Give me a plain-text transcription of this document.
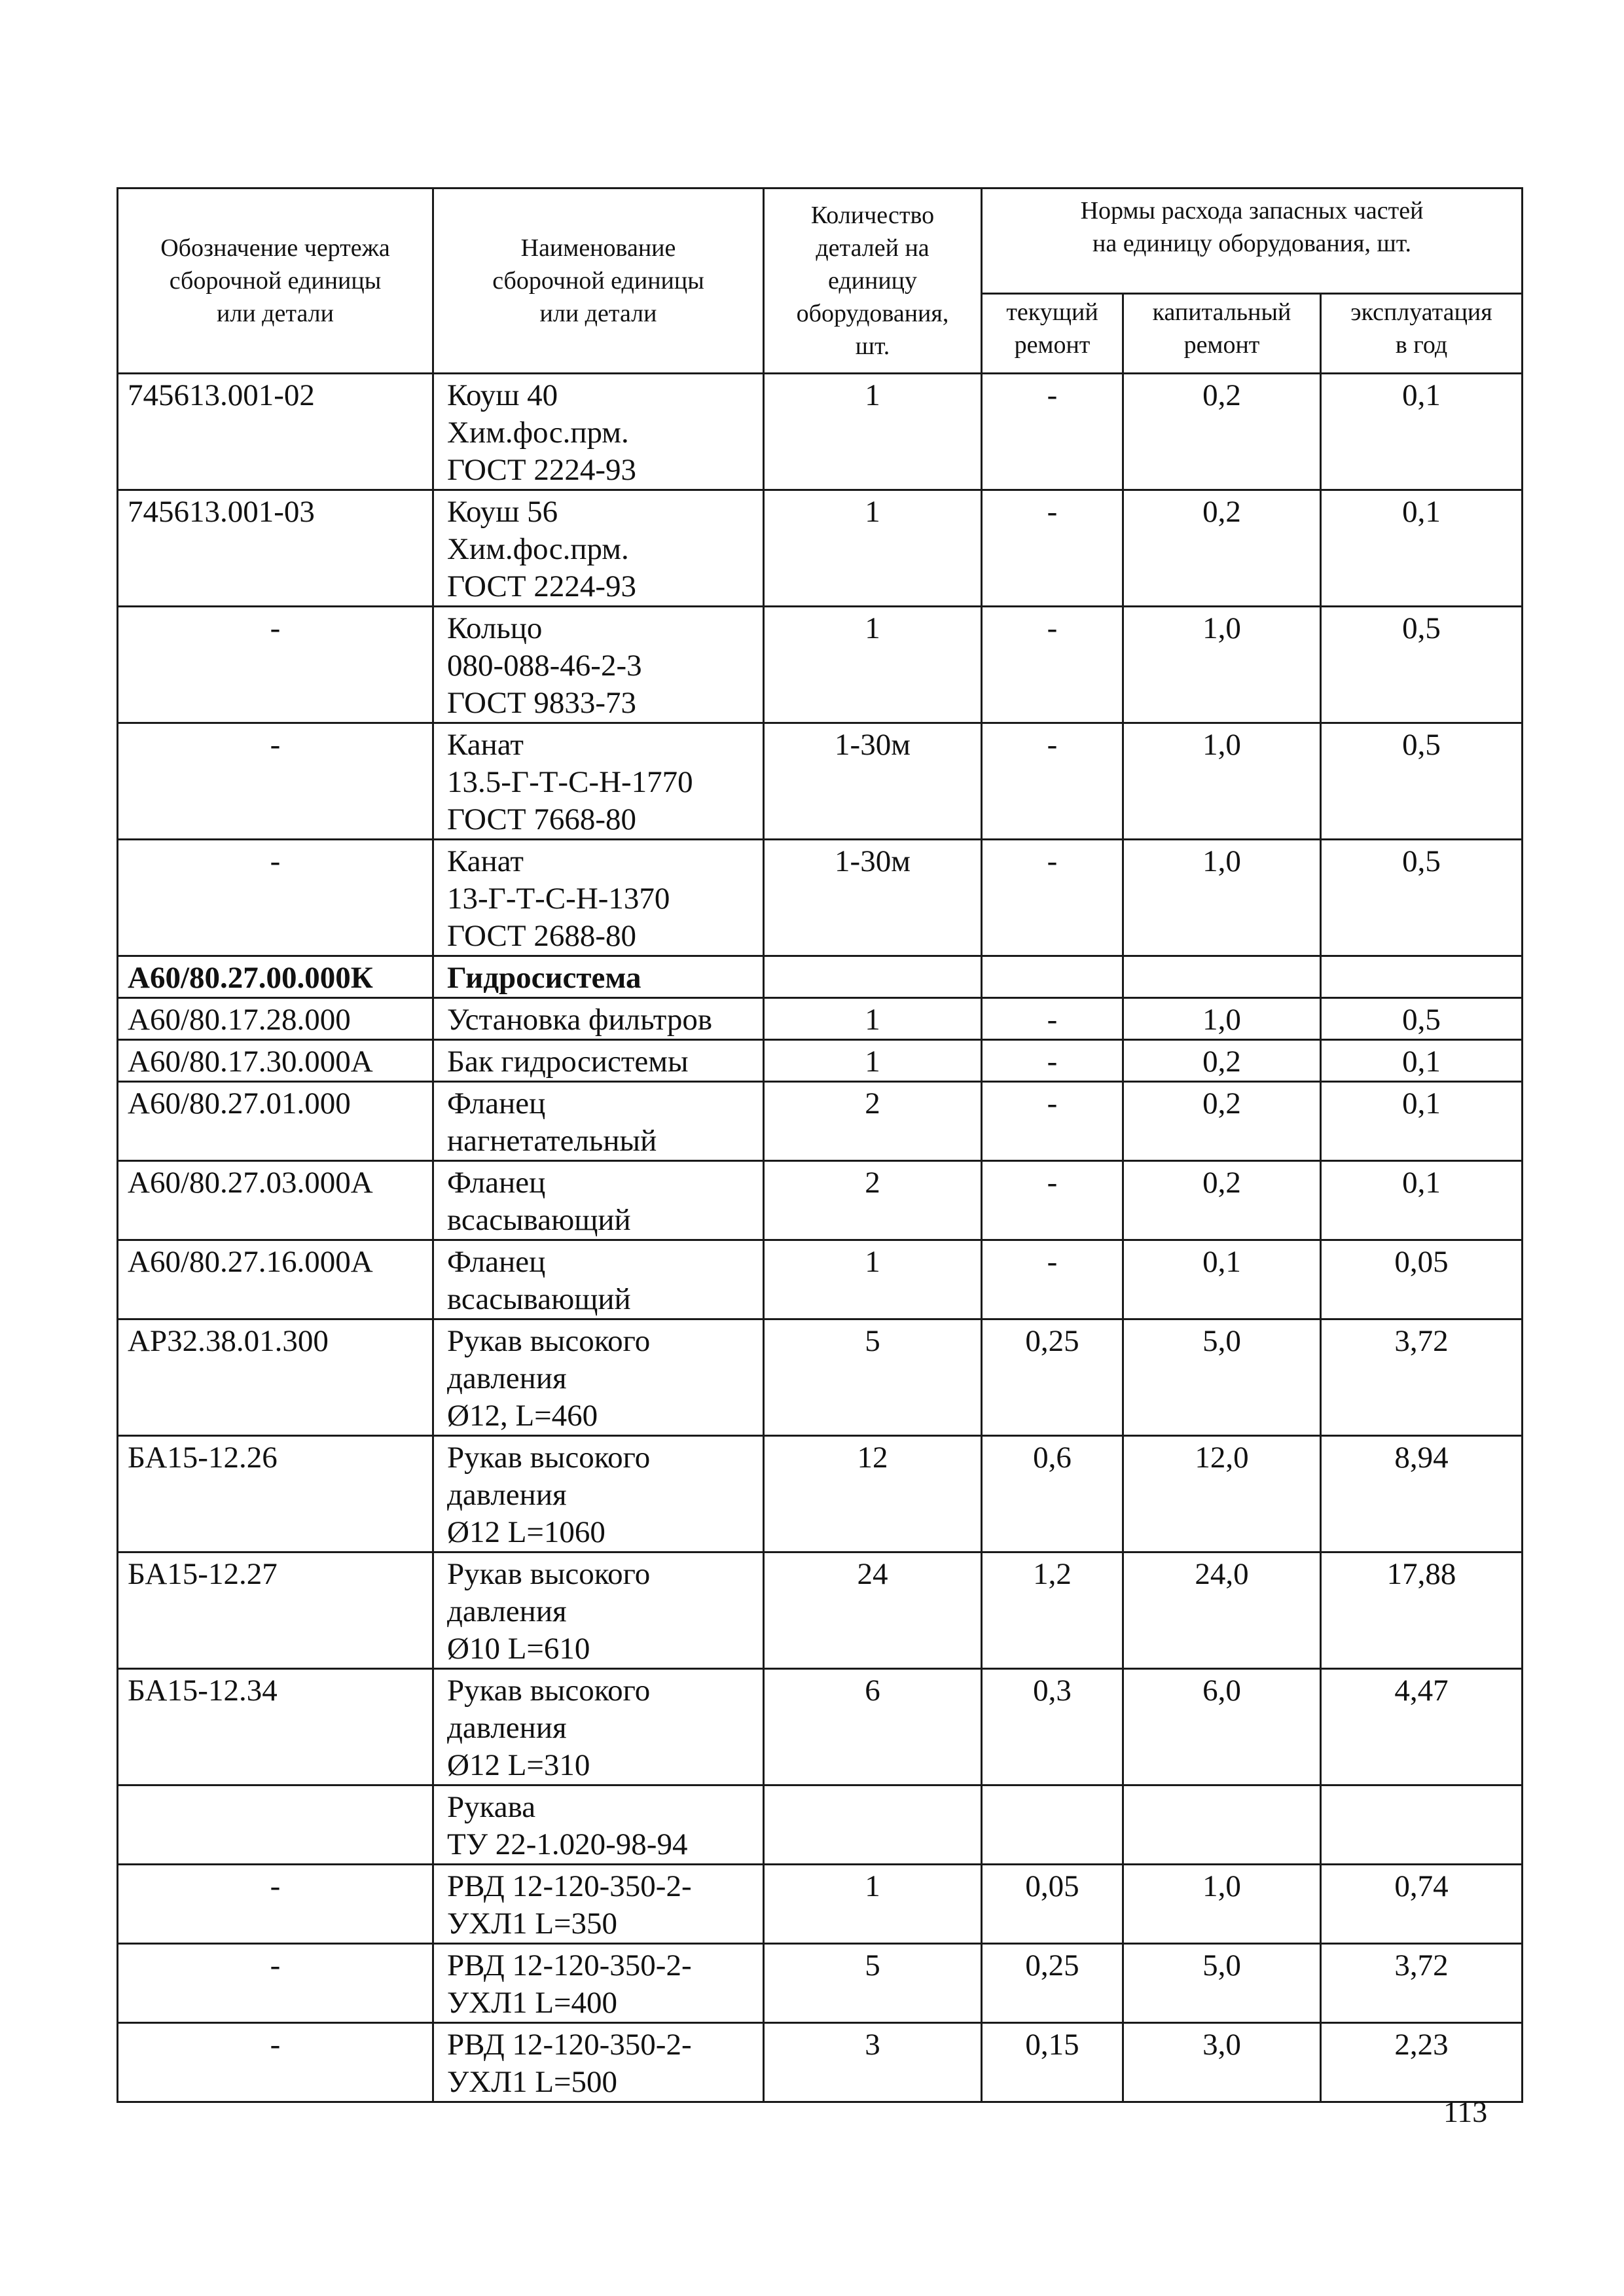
Обозначение чертежа
сборочной единицы
или детали	Наименование
сборочной единицы
или детали	Количество
деталей на
единицу
оборудования,
шт.	Нормы расхода запасных частей
на единицу оборудования, шт.		

			текущий
ремонт	капитальный
ремонт	эксплуатация
в год

745613.001-02	Коуш 40
Хим.фос.прм.
ГОСТ 2224-93	1	-	0,2	0,1
745613.001-03	Коуш 56
Хим.фос.прм.
ГОСТ 2224-93	1	-	0,2	0,1
-	Кольцо
080-088-46-2-3
ГОСТ 9833-73	1	-	1,0	0,5
-	Канат
13.5-Г-Т-С-Н-1770
ГОСТ 7668-80	1-30м	-	1,0	0,5
-	Канат
13-Г-Т-С-Н-1370
ГОСТ 2688-80	1-30м	-	1,0	0,5
А60/80.27.00.000К	Гидросистема				

А60/80.17.28.000	Установка фильтров	1	-	1,0	0,5
А60/80.17.30.000А	Бак гидросистемы	1	-	0,2	0,1
А60/80.27.01.000	Фланец
нагнетательный	2	-	0,2	0,1
А60/80.27.03.000А	Фланец
всасывающий	2	-	0,2	0,1
А60/80.27.16.000А	Фланец
всасывающий	1	-	0,1	0,05
АР32.38.01.300	Рукав высокого
давления
Ø12, L=460	5	0,25	5,0	3,72
БА15-12.26	Рукав высокого
давления
Ø12 L=1060	12	0,6	12,0	8,94
БА15-12.27	Рукав высокого
давления
Ø10 L=610	24	1,2	24,0	17,88
БА15-12.34	Рукав высокого
давления
Ø12 L=310	6	0,3	6,0	4,47

	Рукава
ТУ 22-1.020-98-94				

-	РВД 12-120-350-2-
УХЛ1 L=350	1	0,05	1,0	0,74
-	РВД 12-120-350-2-
УХЛ1 L=400	5	0,25	5,0	3,72
-	РВД 12-120-350-2-
УХЛ1 L=500	3	0,15	3,0	2,23
113
